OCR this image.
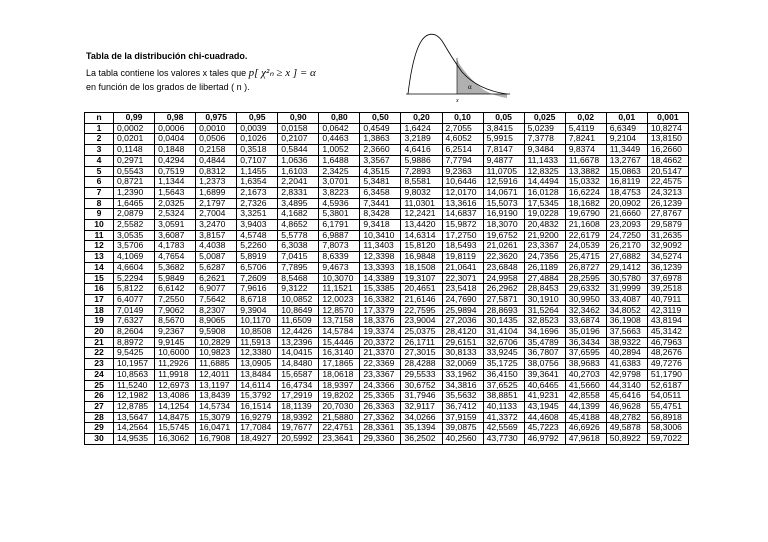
Tabla de la distribución chi-cuadrado.

La tabla contiene los valores x tales que p[ χ²ₙ ≥ x ] = α
en función de los grados de libertad ( n ).	α
x
n	0,99	0,98	0,975	0,95	0,90	0,80	0,50	0,20	0,10	0,05	0,025	0,02	0,01	0,001
1	0,0002	0,0006	0,0010	0,0039	0,0158	0,0642	0,4549	1,6424	2,7055	3,8415	5,0239	5,4119	6,6349	10,8274
2	0,0201	0,0404	0,0506	0,1026	0,2107	0,4463	1,3863	3,2189	4,6052	5,9915	7,3778	7,8241	9,2104	13,8150
3	0,1148	0,1848	0,2158	0,3518	0,5844	1,0052	2,3660	4,6416	6,2514	7,8147	9,3484	9,8374	11,3449	16,2660
4	0,2971	0,4294	0,4844	0,7107	1,0636	1,6488	3,3567	5,9886	7,7794	9,4877	11,1433	11,6678	13,2767	18,4662
5	0,5543	0,7519	0,8312	1,1455	1,6103	2,3425	4,3515	7,2893	9,2363	11,0705	12,8325	13,3882	15,0863	20,5147
6	0,8721	1,1344	1,2373	1,6354	2,2041	3,0701	5,3481	8,5581	10,6446	12,5916	14,4494	15,0332	16,8119	22,4575
7	1,2390	1,5643	1,6899	2,1673	2,8331	3,8223	6,3458	9,8032	12,0170	14,0671	16,0128	16,6224	18,4753	24,3213
8	1,6465	2,0325	2,1797	2,7326	3,4895	4,5936	7,3441	11,0301	13,3616	15,5073	17,5345	18,1682	20,0902	26,1239
9	2,0879	2,5324	2,7004	3,3251	4,1682	5,3801	8,3428	12,2421	14,6837	16,9190	19,0228	19,6790	21,6660	27,8767
10	2,5582	3,0591	3,2470	3,9403	4,8652	6,1791	9,3418	13,4420	15,9872	18,3070	20,4832	21,1608	23,2093	29,5879
11	3,0535	3,6087	3,8157	4,5748	5,5778	6,9887	10,3410	14,6314	17,2750	19,6752	21,9200	22,6179	24,7250	31,2635
12	3,5706	4,1783	4,4038	5,2260	6,3038	7,8073	11,3403	15,8120	18,5493	21,0261	23,3367	24,0539	26,2170	32,9092
13	4,1069	4,7654	5,0087	5,8919	7,0415	8,6339	12,3398	16,9848	19,8119	22,3620	24,7356	25,4715	27,6882	34,5274
14	4,6604	5,3682	5,6287	6,5706	7,7895	9,4673	13,3393	18,1508	21,0641	23,6848	26,1189	26,8727	29,1412	36,1239
15	5,2294	5,9849	6,2621	7,2609	8,5468	10,3070	14,3389	19,3107	22,3071	24,9958	27,4884	28,2595	30,5780	37,6978
16	5,8122	6,6142	6,9077	7,9616	9,3122	11,1521	15,3385	20,4651	23,5418	26,2962	28,8453	29,6332	31,9999	39,2518
17	6,4077	7,2550	7,5642	8,6718	10,0852	12,0023	16,3382	21,6146	24,7690	27,5871	30,1910	30,9950	33,4087	40,7911
18	7,0149	7,9062	8,2307	9,3904	10,8649	12,8570	17,3379	22,7595	25,9894	28,8693	31,5264	32,3462	34,8052	42,3119
19	7,6327	8,5670	8,9065	10,1170	11,6509	13,7158	18,3376	23,9004	27,2036	30,1435	32,8523	33,6874	36,1908	43,8194
20	8,2604	9,2367	9,5908	10,8508	12,4426	14,5784	19,3374	25,0375	28,4120	31,4104	34,1696	35,0196	37,5663	45,3142
21	8,8972	9,9145	10,2829	11,5913	13,2396	15,4446	20,3372	26,1711	29,6151	32,6706	35,4789	36,3434	38,9322	46,7963
22	9,5425	10,6000	10,9823	12,3380	14,0415	16,3140	21,3370	27,3015	30,8133	33,9245	36,7807	37,6595	40,2894	48,2676
23	10,1957	11,2926	11,6885	13,0905	14,8480	17,1865	22,3369	28,4288	32,0069	35,1725	38,0756	38,9683	41,6383	49,7276
24	10,8563	11,9918	12,4011	13,8484	15,6587	18,0618	23,3367	29,5533	33,1962	36,4150	39,3641	40,2703	42,9798	51,1790
25	11,5240	12,6973	13,1197	14,6114	16,4734	18,9397	24,3366	30,6752	34,3816	37,6525	40,6465	41,5660	44,3140	52,6187
26	12,1982	13,4086	13,8439	15,3792	17,2919	19,8202	25,3365	31,7946	35,5632	38,8851	41,9231	42,8558	45,6416	54,0511
27	12,8785	14,1254	14,5734	16,1514	18,1139	20,7030	26,3363	32,9117	36,7412	40,1133	43,1945	44,1399	46,9628	55,4751
28	13,5647	14,8475	15,3079	16,9279	18,9392	21,5880	27,3362	34,0266	37,9159	41,3372	44,4608	45,4188	48,2782	56,8918
29	14,2564	15,5745	16,0471	17,7084	19,7677	22,4751	28,3361	35,1394	39,0875	42,5569	45,7223	46,6926	49,5878	58,3006
30	14,9535	16,3062	16,7908	18,4927	20,5992	23,3641	29,3360	36,2502	40,2560	43,7730	46,9792	47,9618	50,8922	59,7022
